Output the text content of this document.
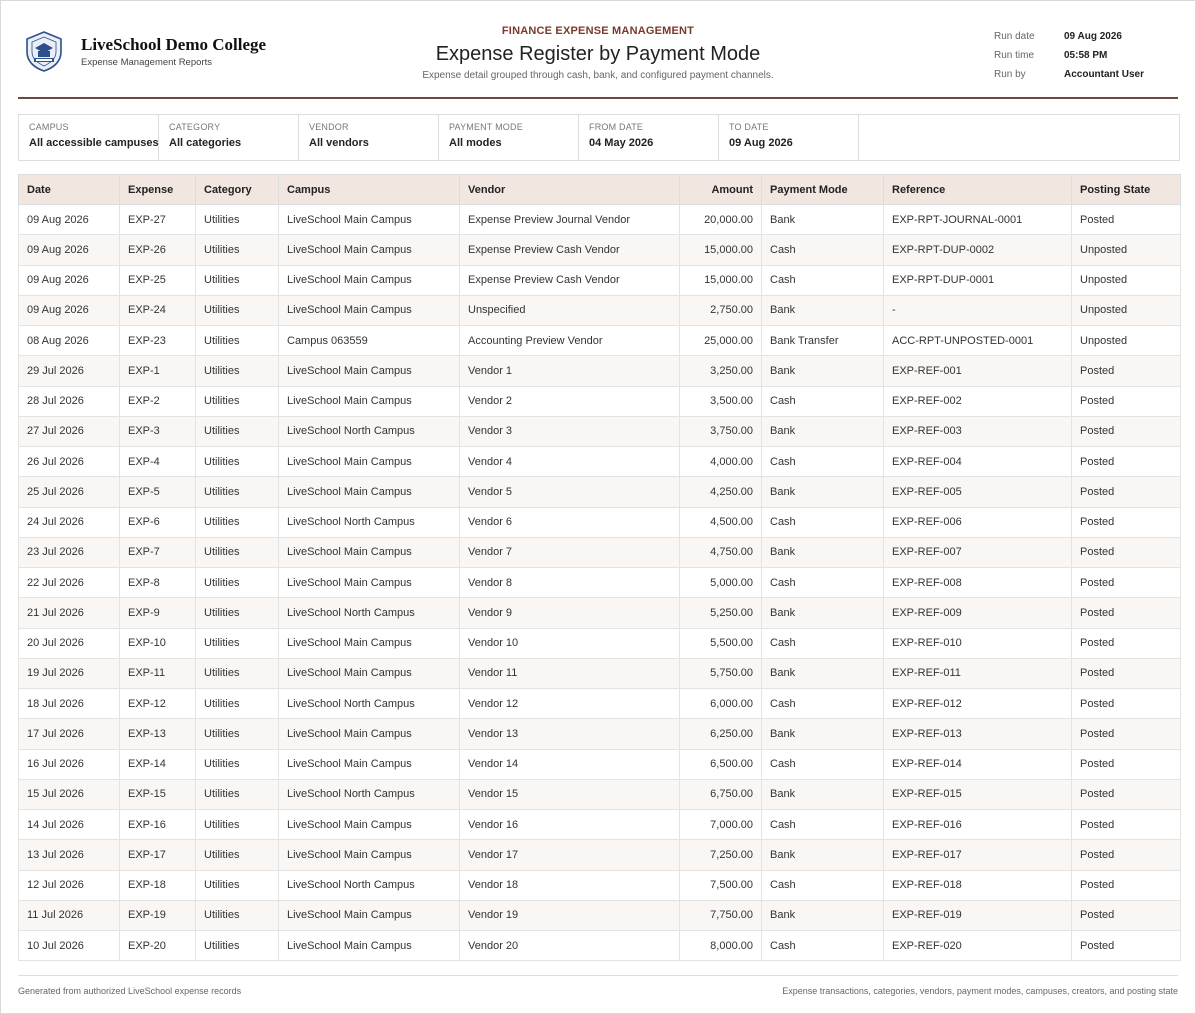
LiveSchool Demo College
Expense Management Reports
FINANCE EXPENSE MANAGEMENT
Expense Register by Payment Mode
Expense detail grouped through cash, bank, and configured payment channels.
Run date	09 Aug 2026
Run time	05:58 PM
Run by	Accountant User
CAMPUS
All accessible campuses
CATEGORY
All categories
VENDOR
All vendors
PAYMENT MODE
All modes
FROM DATE
04 May 2026
TO DATE
09 Aug 2026
Date	Expense	Category	Campus	Vendor	Amount	Payment Mode	Reference	Posting State
09 Aug 2026	EXP-27	Utilities	LiveSchool Main Campus	Expense Preview Journal Vendor	20,000.00	Bank	EXP-RPT-JOURNAL-0001	Posted
09 Aug 2026	EXP-26	Utilities	LiveSchool Main Campus	Expense Preview Cash Vendor	15,000.00	Cash	EXP-RPT-DUP-0002	Unposted
09 Aug 2026	EXP-25	Utilities	LiveSchool Main Campus	Expense Preview Cash Vendor	15,000.00	Cash	EXP-RPT-DUP-0001	Unposted
09 Aug 2026	EXP-24	Utilities	LiveSchool Main Campus	Unspecified	2,750.00	Bank	-	Unposted
08 Aug 2026	EXP-23	Utilities	Campus 063559	Accounting Preview Vendor	25,000.00	Bank Transfer	ACC-RPT-UNPOSTED-0001	Unposted
29 Jul 2026	EXP-1	Utilities	LiveSchool Main Campus	Vendor 1	3,250.00	Bank	EXP-REF-001	Posted
28 Jul 2026	EXP-2	Utilities	LiveSchool Main Campus	Vendor 2	3,500.00	Cash	EXP-REF-002	Posted
27 Jul 2026	EXP-3	Utilities	LiveSchool North Campus	Vendor 3	3,750.00	Bank	EXP-REF-003	Posted
26 Jul 2026	EXP-4	Utilities	LiveSchool Main Campus	Vendor 4	4,000.00	Cash	EXP-REF-004	Posted
25 Jul 2026	EXP-5	Utilities	LiveSchool Main Campus	Vendor 5	4,250.00	Bank	EXP-REF-005	Posted
24 Jul 2026	EXP-6	Utilities	LiveSchool North Campus	Vendor 6	4,500.00	Cash	EXP-REF-006	Posted
23 Jul 2026	EXP-7	Utilities	LiveSchool Main Campus	Vendor 7	4,750.00	Bank	EXP-REF-007	Posted
22 Jul 2026	EXP-8	Utilities	LiveSchool Main Campus	Vendor 8	5,000.00	Cash	EXP-REF-008	Posted
21 Jul 2026	EXP-9	Utilities	LiveSchool North Campus	Vendor 9	5,250.00	Bank	EXP-REF-009	Posted
20 Jul 2026	EXP-10	Utilities	LiveSchool Main Campus	Vendor 10	5,500.00	Cash	EXP-REF-010	Posted
19 Jul 2026	EXP-11	Utilities	LiveSchool Main Campus	Vendor 11	5,750.00	Bank	EXP-REF-011	Posted
18 Jul 2026	EXP-12	Utilities	LiveSchool North Campus	Vendor 12	6,000.00	Cash	EXP-REF-012	Posted
17 Jul 2026	EXP-13	Utilities	LiveSchool Main Campus	Vendor 13	6,250.00	Bank	EXP-REF-013	Posted
16 Jul 2026	EXP-14	Utilities	LiveSchool Main Campus	Vendor 14	6,500.00	Cash	EXP-REF-014	Posted
15 Jul 2026	EXP-15	Utilities	LiveSchool North Campus	Vendor 15	6,750.00	Bank	EXP-REF-015	Posted
14 Jul 2026	EXP-16	Utilities	LiveSchool Main Campus	Vendor 16	7,000.00	Cash	EXP-REF-016	Posted
13 Jul 2026	EXP-17	Utilities	LiveSchool Main Campus	Vendor 17	7,250.00	Bank	EXP-REF-017	Posted
12 Jul 2026	EXP-18	Utilities	LiveSchool North Campus	Vendor 18	7,500.00	Cash	EXP-REF-018	Posted
11 Jul 2026	EXP-19	Utilities	LiveSchool Main Campus	Vendor 19	7,750.00	Bank	EXP-REF-019	Posted
10 Jul 2026	EXP-20	Utilities	LiveSchool Main Campus	Vendor 20	8,000.00	Cash	EXP-REF-020	Posted
Generated from authorized LiveSchool expense records	Expense transactions, categories, vendors, payment modes, campuses, creators, and posting state
